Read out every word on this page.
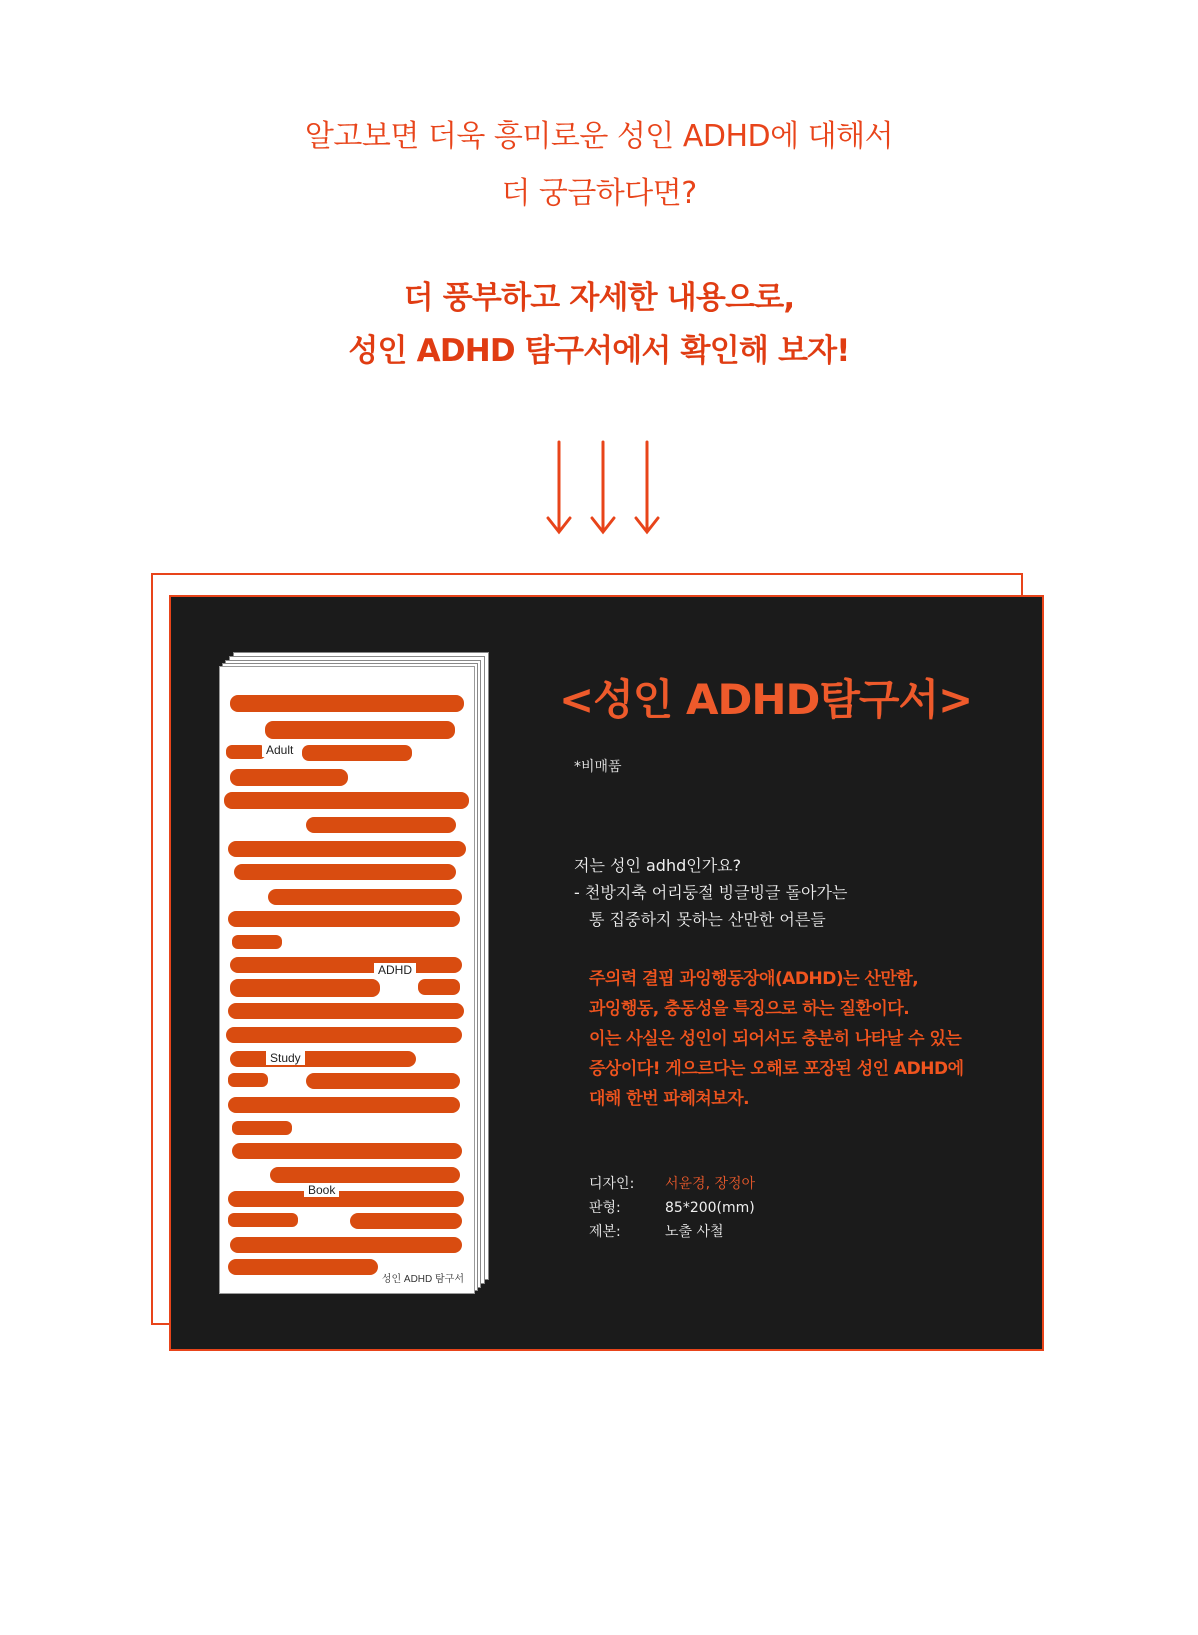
알고보면 더욱 흥미로운 성인 ADHD에 대해서

더 궁금하다면?

더 풍부하고 자세한 내용으로,

성인 ADHD 탐구서에서 확인해 보자!

Adult
ADHD
Study
Book
성인 ADHD 탐구서
<성인 ADHD탐구서>
*비매품
저는 성인 adhd인가요?
- 천방지축 어리둥절 빙글빙글 돌아가는
통 집중하지 못하는 산만한 어른들
주의력 결핍 과잉행동장애(ADHD)는 산만함,
과잉행동, 충동성을 특징으로 하는 질환이다.
이는 사실은 성인이 되어서도 충분히 나타날 수 있는
증상이다! 게으르다는 오해로 포장된 성인 ADHD에
대해 한번 파헤쳐보자.
디자인:	서윤경, 장정아
판형:	85*200(mm)
제본:	노출 사철
